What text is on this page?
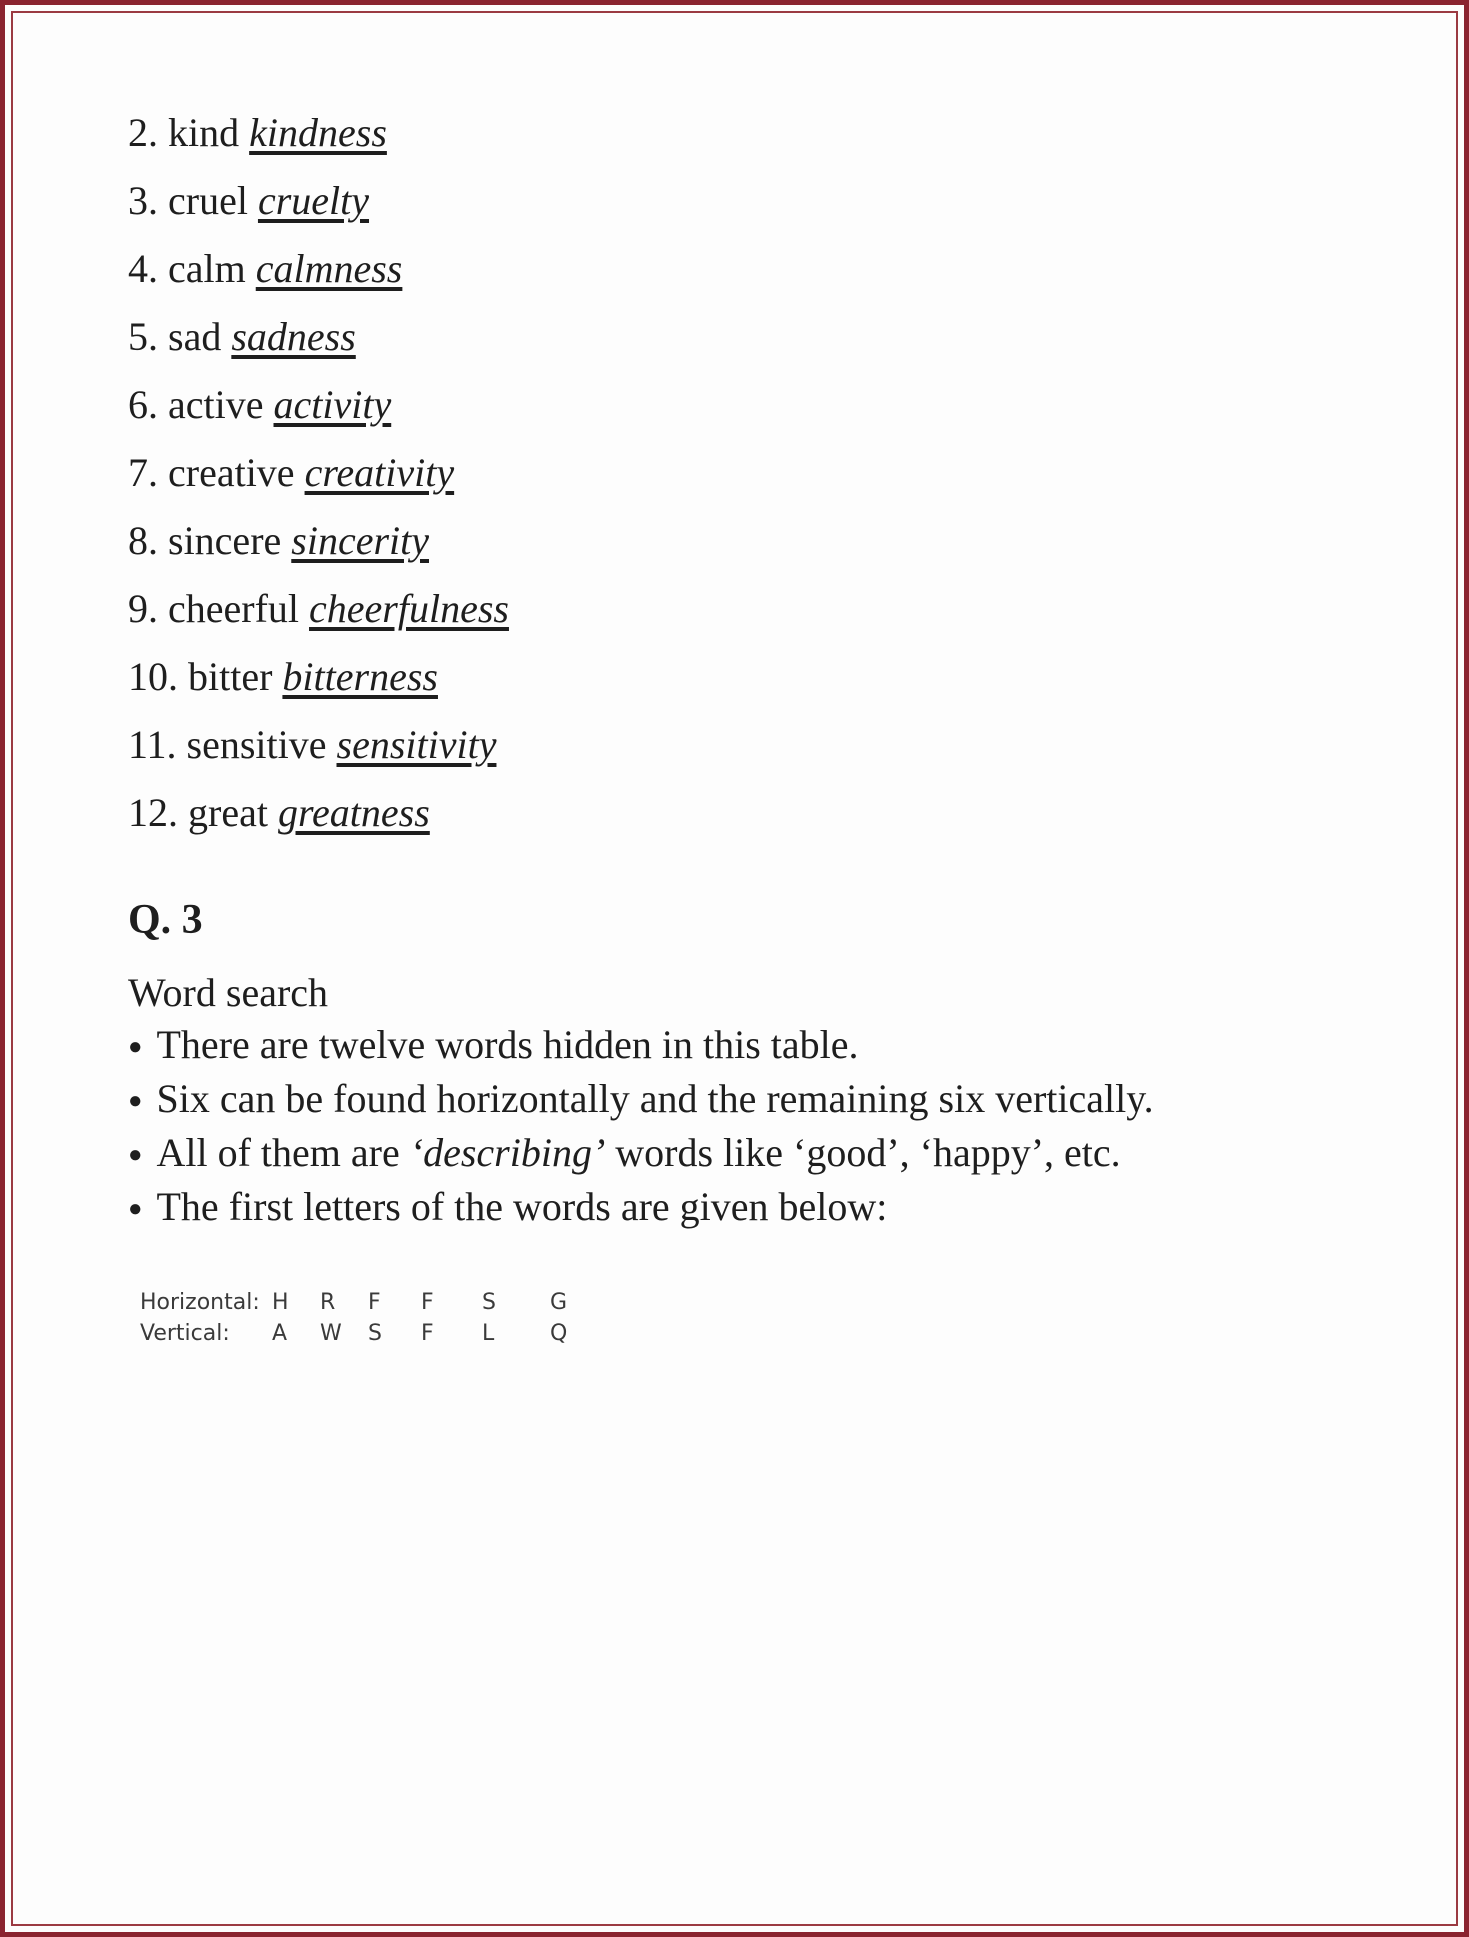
2. kind kindness
3. cruel cruelty
4. calm calmness
5. sad sadness
6. active activity
7. creative creativity
8. sincere sincerity
9. cheerful cheerfulness
10. bitter bitterness
11. sensitive sensitivity
12. great greatness
Q. 3

Word search

● There are twelve words hidden in this table.

● Six can be found horizontally and the remaining six vertically.

● All of them are ‘describing’ words like ‘good’, ‘happy’, etc.

● The first letters of the words are given below:

Horizontal: H	R	F	F	S	G
Vertical:	A	W	S	F	L	Q
